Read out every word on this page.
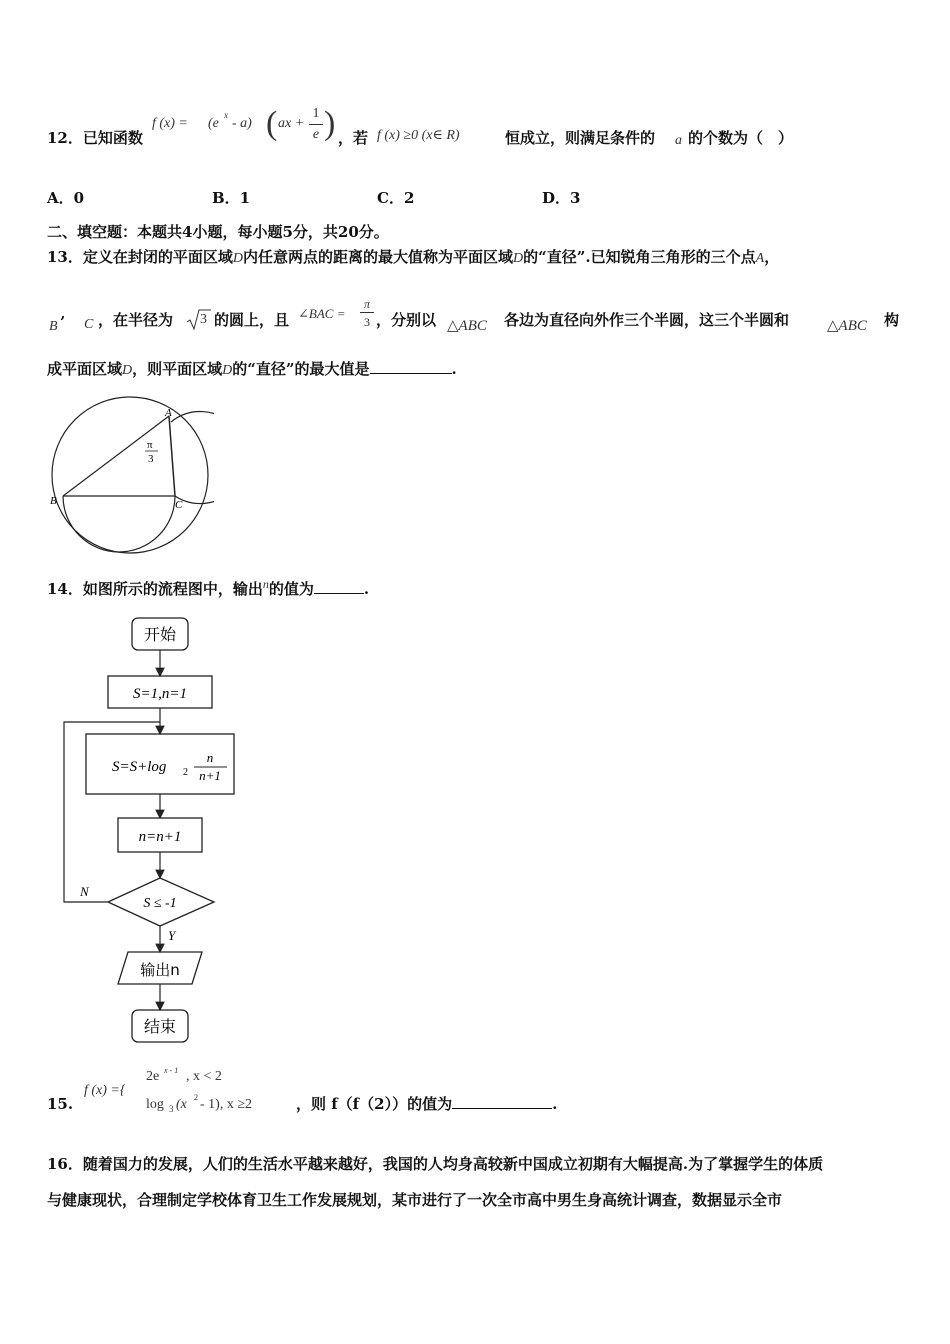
12．已知函数
f (x) = (e
x
- a) ( ax +
1
e ) ，若 f (x) ≥0 (x∈ R)	恒成立，则满足条件的 a 的个数为（　）
A．0	B．1	C．2	D．3
二、填空题：本题共4小题，每小题5分，共20分。
13．定义在封闭的平面区域D内任意两点的距离的最大值称为平面区域D的“直径”.已知锐角三角形的三个点A，
B ’ C ，在半径为 3 的圆上，且 ∠BAC = $\frac{\pi}{3}$ ，分别以 △ABC 各边为直径向外作三个半圆，这三个半圆和	△ABC 构
成平面区域D，则平面区域D的“直径”的最大值是	.
A
B	C
π
3
14．如图所示的流程图中，输出$^n$的值为	.
开始
S=1,n=1
S=S+log 2
n
n+1
n=n+1
S ≤ -1
N
Y
输出n
结束
15.
f (x) ={
2e x - 1 , x < 2
log 3 (x 2 - 1), x ≥2	，则 f（f（2））的值为	.
16．随着国力的发展，人们的生活水平越来越好，我国的人均身高较新中国成立初期有大幅提高.为了掌握学生的体质
与健康现状，合理制定学校体育卫生工作发展规划，某市进行了一次全市高中男生身高统计调查，数据显示全市
